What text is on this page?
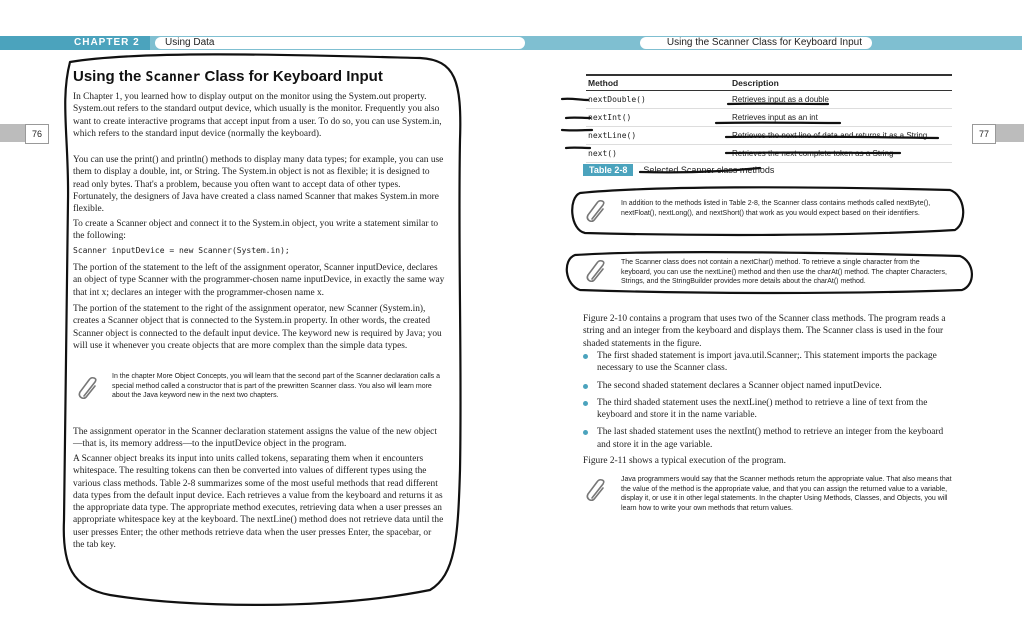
CHAPTER 2	Using Data	Using the Scanner Class for Keyboard Input
76	77
Using the Scanner Class for Keyboard Input
In Chapter 1, you learned how to display output on the monitor using the System.out property. System.out refers to the standard output device, which usually is the monitor. Frequently you also want to create interactive programs that accept input from a user. To do so, you can use System.in, which refers to the standard input device (normally the keyboard).
You can use the print() and println() methods to display many data types; for example, you can use them to display a double, int, or String. The System.in object is not as flexible; it is designed to read only bytes. That's a problem, because you often want to accept data of other types. Fortunately, the designers of Java have created a class named Scanner that makes System.in more flexible.
To create a Scanner object and connect it to the System.in object, you write a statement similar to the following:
Scanner inputDevice = new Scanner(System.in);
The portion of the statement to the left of the assignment operator, Scanner inputDevice, declares an object of type Scanner with the programmer-chosen name inputDevice, in exactly the same way that int x; declares an integer with the programmer-chosen name x.
The portion of the statement to the right of the assignment operator, new Scanner (System.in), creates a Scanner object that is connected to the System.in property. In other words, the created Scanner object is connected to the default input device. The keyword new is required by Java; you will use it whenever you create objects that are more complex than the simple data types.
In the chapter More Object Concepts, you will learn that the second part of the Scanner declaration calls a special method called a constructor that is part of the prewritten Scanner class. You also will learn more about the Java keyword new in the next two chapters.
The assignment operator in the Scanner declaration statement assigns the value of the new object—that is, its memory address—to the inputDevice object in the program.
A Scanner object breaks its input into units called tokens, separating them when it encounters whitespace. The resulting tokens can then be converted into values of different types using the various class methods. Table 2-8 summarizes some of the most useful methods that read different data types from the default input device. Each retrieves a value from the keyboard and returns it as the appropriate data type. The appropriate method executes, retrieving data when a user presses an appropriate whitespace key at the keyboard. The nextLine() method does not retrieve data until the user presses Enter; the other methods retrieve data when the user presses Enter, the spacebar, or the tab key.
Method	Description
nextDouble()	Retrieves input as a double
nextInt()	Retrieves input as an int
nextLine()	Retrieves the next line of data and returns it as a String
next()	Retrieves the next complete token as a String
Table 2-8 Selected Scanner class methods
In addition to the methods listed in Table 2-8, the Scanner class contains methods called nextByte(), nextFloat(), nextLong(), and nextShort() that work as you would expect based on their identifiers.
The Scanner class does not contain a nextChar() method. To retrieve a single character from the keyboard, you can use the nextLine() method and then use the charAt() method. The chapter Characters, Strings, and the StringBuilder provides more details about the charAt() method.
Figure 2-10 contains a program that uses two of the Scanner class methods. The program reads a string and an integer from the keyboard and displays them. The Scanner class is used in the four shaded statements in the figure.
The first shaded statement is import java.util.Scanner;. This statement imports the package necessary to use the Scanner class.
The second shaded statement declares a Scanner object named inputDevice.
The third shaded statement uses the nextLine() method to retrieve a line of text from the keyboard and store it in the name variable.
The last shaded statement uses the nextInt() method to retrieve an integer from the keyboard and store it in the age variable.
Figure 2-11 shows a typical execution of the program.
Java programmers would say that the Scanner methods return the appropriate value. That also means that the value of the method is the appropriate value, and that you can assign the returned value to a variable, display it, or use it in other legal statements. In the chapter Using Methods, Classes, and Objects, you will learn how to write your own methods that return values.
